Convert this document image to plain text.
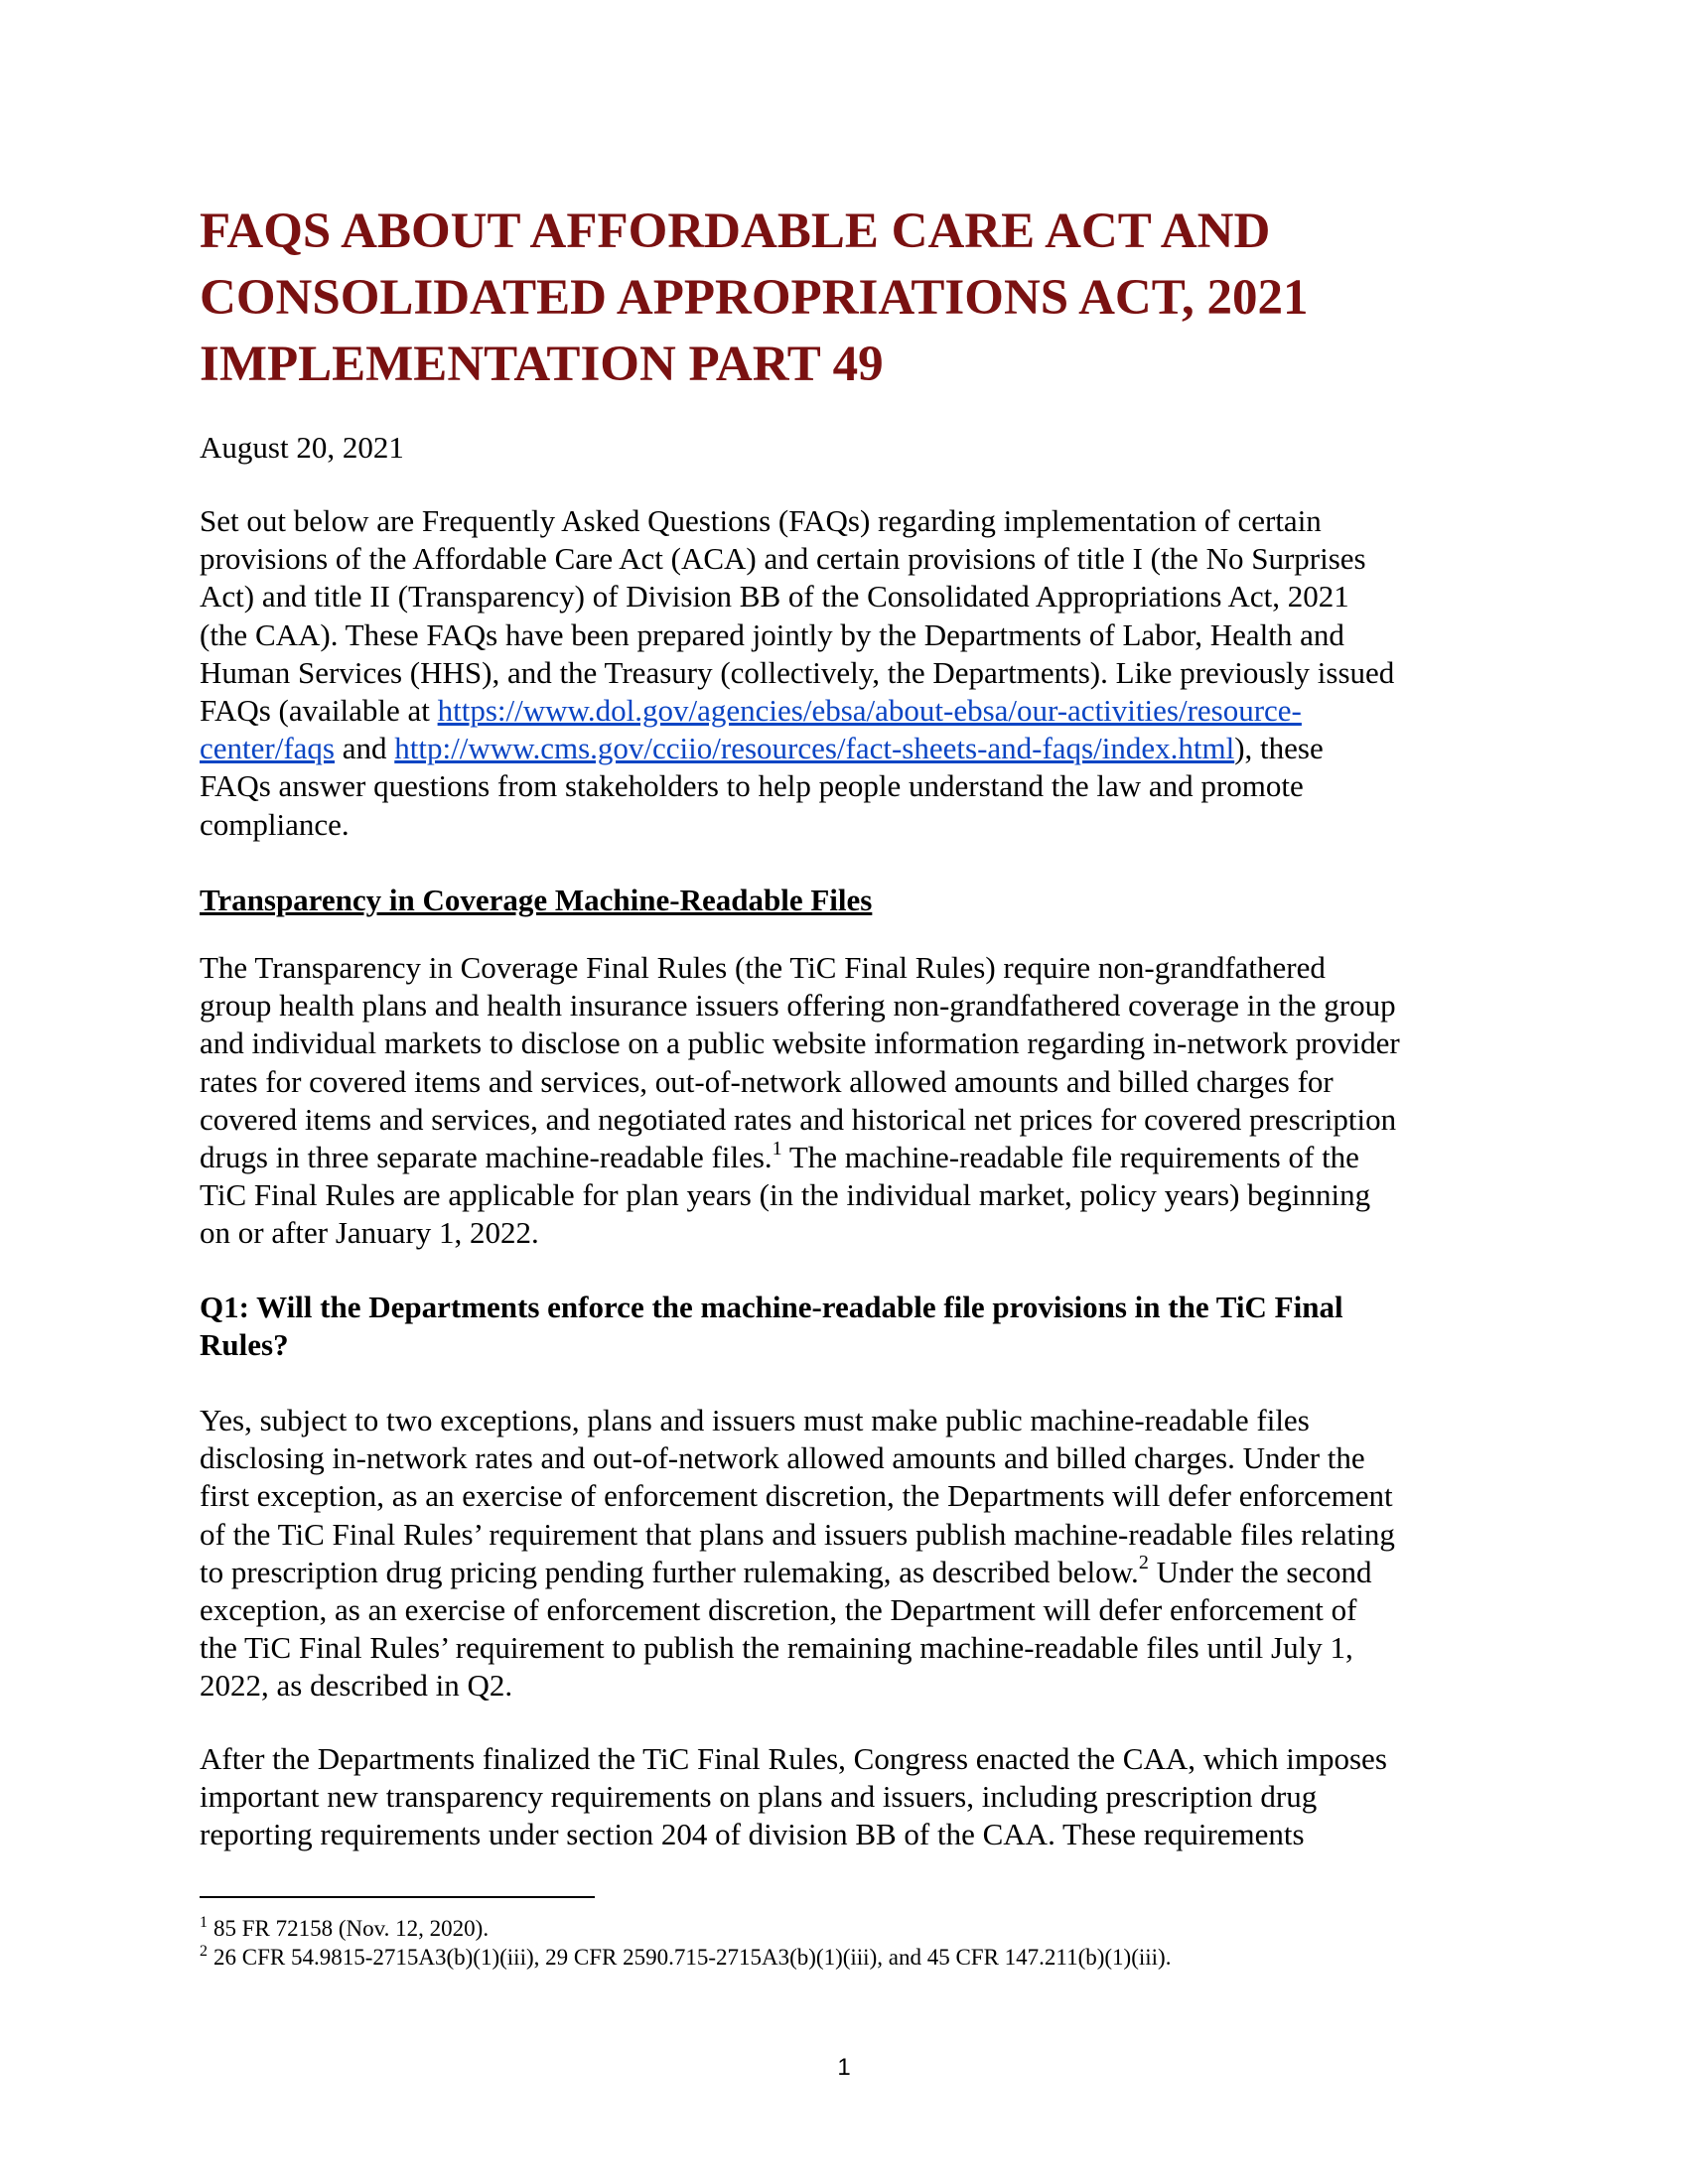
FAQS ABOUT AFFORDABLE CARE ACT AND
CONSOLIDATED APPROPRIATIONS ACT, 2021
IMPLEMENTATION PART 49

August 20, 2021

Set out below are Frequently Asked Questions (FAQs) regarding implementation of certain
provisions of the Affordable Care Act (ACA) and certain provisions of title I (the No Surprises
Act) and title II (Transparency) of Division BB of the Consolidated Appropriations Act, 2021
(the CAA). These FAQs have been prepared jointly by the Departments of Labor, Health and
Human Services (HHS), and the Treasury (collectively, the Departments). Like previously issued
FAQs (available at https://www.dol.gov/agencies/ebsa/about-ebsa/our-activities/resource-
center/faqs and http://www.cms.gov/cciio/resources/fact-sheets-and-faqs/index.html), these
FAQs answer questions from stakeholders to help people understand the law and promote
compliance.

Transparency in Coverage Machine-Readable Files

The Transparency in Coverage Final Rules (the TiC Final Rules) require non-grandfathered
group health plans and health insurance issuers offering non-grandfathered coverage in the group
and individual markets to disclose on a public website information regarding in-network provider
rates for covered items and services, out-of-network allowed amounts and billed charges for
covered items and services, and negotiated rates and historical net prices for covered prescription
drugs in three separate machine-readable files.$^1$ The machine-readable file requirements of the
TiC Final Rules are applicable for plan years (in the individual market, policy years) beginning
on or after January 1, 2022.

Q1: Will the Departments enforce the machine-readable file provisions in the TiC Final
Rules?

Yes, subject to two exceptions, plans and issuers must make public machine-readable files
disclosing in-network rates and out-of-network allowed amounts and billed charges. Under the
first exception, as an exercise of enforcement discretion, the Departments will defer enforcement
of the TiC Final Rules’ requirement that plans and issuers publish machine-readable files relating
to prescription drug pricing pending further rulemaking, as described below.$^2$ Under the second
exception, as an exercise of enforcement discretion, the Department will defer enforcement of
the TiC Final Rules’ requirement to publish the remaining machine-readable files until July 1,
2022, as described in Q2.

After the Departments finalized the TiC Final Rules, Congress enacted the CAA, which imposes
important new transparency requirements on plans and issuers, including prescription drug
reporting requirements under section 204 of division BB of the CAA. These requirements

$^1$ 85 FR 72158 (Nov. 12, 2020).
$^2$ 26 CFR 54.9815-2715A3(b)(1)(iii), 29 CFR 2590.715-2715A3(b)(1)(iii), and 45 CFR 147.211(b)(1)(iii).
1
